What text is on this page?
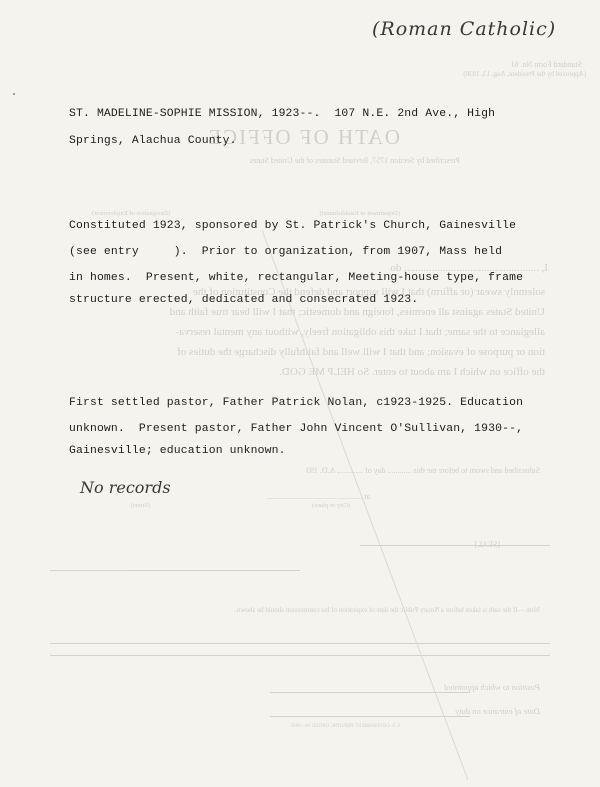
Standard Form No. 61
(Approved by the President, Aug. 13, 1930)
OATH OF OFFICE
Prescribed by Section 1757, Revised Statutes of the United States
(Designation of Employment)	(Department or Establishment)
I, ................................................, do
solemnly swear (or affirm) that I will support and defend the Constitution of the
United States against all enemies, foreign and domestic; that I will bear true faith and
allegiance to the same; that I take this obligation freely, without any mental reserva-
tion or purpose of evasion; and that I will well and faithfully discharge the duties of
the office on which I am about to enter. So HELP ME GOD.
Subscribed and sworn to before me this ............ day of ............, A.D. 193
at ................................................
(City or place)
(Street)
Note.—If the oath is taken before a Notary Public the date of expiration of his commission should be shown.
Position to which appointed
Date of entrance on duty
U.S. GOVERNMENT PRINTING OFFICE 16—8935
(Roman Catholic)
ST. MADELINE-SOPHIE MISSION, 1923--.  107 N.E. 2nd Ave., High
Springs, Alachua County.
Constituted 1923, sponsored by St. Patrick's Church, Gainesville
(see entry     ).  Prior to organization, from 1907, Mass held
in homes.  Present, white, rectangular, Meeting-house type, frame
structure erected, dedicated and consecrated 1923.
First settled pastor, Father Patrick Nolan, c1923-1925. Education
unknown.  Present pastor, Father John Vincent O'Sullivan, 1930--,
Gainesville; education unknown.
No records
